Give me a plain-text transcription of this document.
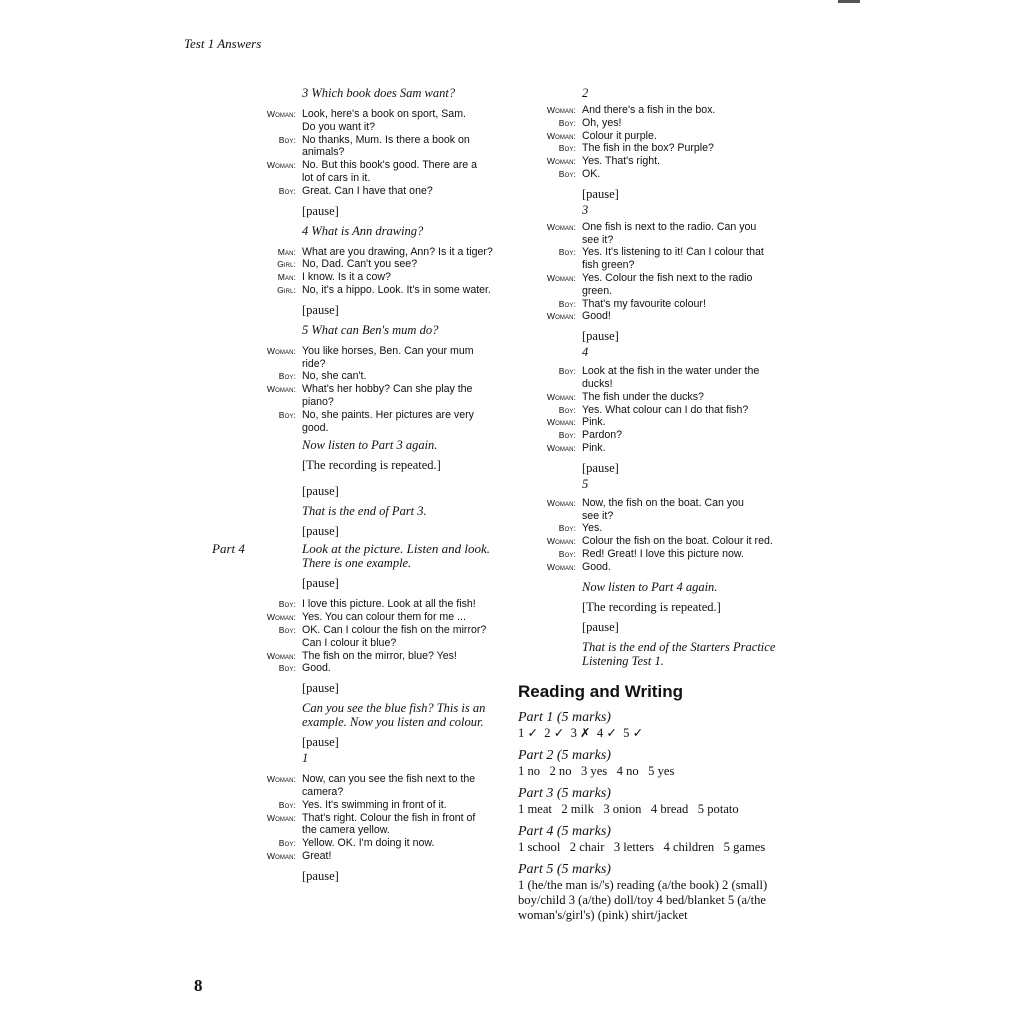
Test 1 Answers
3 Which book does Sam want?
Woman: Look, here's a book on sport, Sam.
Do you want it?
Boy: No thanks, Mum. Is there a book on
animals?
Woman: No. But this book's good. There are a
lot of cars in it.
Boy: Great. Can I have that one?
[pause]
4 What is Ann drawing?
Man: What are you drawing, Ann? Is it a tiger?
Girl: No, Dad. Can't you see?
Man: I know. Is it a cow?
Girl: No, it's a hippo. Look. It's in some water.
[pause]
5 What can Ben's mum do?
Woman: You like horses, Ben. Can your mum
ride?
Boy: No, she can't.
Woman: What's her hobby? Can she play the
piano?
Boy: No, she paints. Her pictures are very
good.
Now listen to Part 3 again.
[The recording is repeated.]
[pause]
That is the end of Part 3.
[pause]
Part 4	Look at the picture. Listen and look.
There is one example.
[pause]
Boy: I love this picture. Look at all the fish!
Woman: Yes. You can colour them for me ...
Boy: OK. Can I colour the fish on the mirror?
Can I colour it blue?
Woman: The fish on the mirror, blue? Yes!
Boy: Good.
[pause]
Can you see the blue fish? This is an
example. Now you listen and colour.
[pause]
1
Woman: Now, can you see the fish next to the
camera?
Boy: Yes. It's swimming in front of it.
Woman: That's right. Colour the fish in front of
the camera yellow.
Boy: Yellow. OK. I'm doing it now.
Woman: Great!
[pause]
2
Woman: And there's a fish in the box.
Boy: Oh, yes!
Woman: Colour it purple.
Boy: The fish in the box? Purple?
Woman: Yes. That's right.
Boy: OK.
[pause]
3
Woman: One fish is next to the radio. Can you
see it?
Boy: Yes. It's listening to it! Can I colour that
fish green?
Woman: Yes. Colour the fish next to the radio
green.
Boy: That's my favourite colour!
Woman: Good!
[pause]
4
Boy: Look at the fish in the water under the
ducks!
Woman: The fish under the ducks?
Boy: Yes. What colour can I do that fish?
Woman: Pink.
Boy: Pardon?
Woman: Pink.
[pause]
5
Woman: Now, the fish on the boat. Can you
see it?
Boy: Yes.
Woman: Colour the fish on the boat. Colour it red.
Boy: Red! Great! I love this picture now.
Woman: Good.
Now listen to Part 4 again.
[The recording is repeated.]
[pause]
That is the end of the Starters Practice
Listening Test 1.
Reading and Writing
Part 1 (5 marks)
1 ✓  2 ✓  3 ✗  4 ✓  5 ✓
Part 2 (5 marks)
1 no   2 no   3 yes   4 no   5 yes
Part 3 (5 marks)
1 meat   2 milk   3 onion   4 bread   5 potato
Part 4 (5 marks)
1 school   2 chair   3 letters   4 children   5 games
Part 5 (5 marks)
1 (he/the man is/'s) reading (a/the book) 2 (small)
boy/child 3 (a/the) doll/toy 4 bed/blanket 5 (a/the
woman's/girl's) (pink) shirt/jacket
8
